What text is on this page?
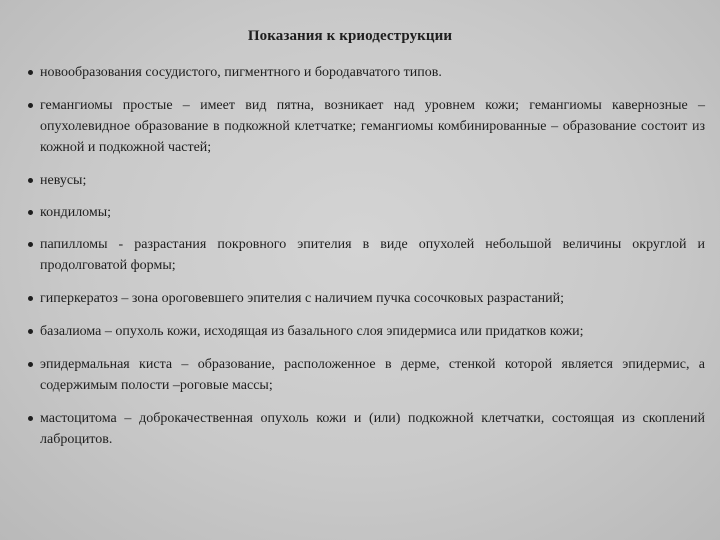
Показания к криодеструкции
новообразования сосудистого, пигментного и бородавчатого типов.
гемангиомы простые – имеет вид пятна, возникает над уровнем кожи; гемангиомы кавернозные – опухолевидное образование в подкожной клетчатке; гемангиомы комбинированные – образование состоит из кожной и подкожной частей;
невусы;
кондиломы;
папилломы - разрастания покровного эпителия в виде опухолей небольшой величины округлой и продолговатой формы;
гиперкератоз – зона ороговевшего эпителия с наличием пучка сосочковых разрастаний;
базалиома – опухоль кожи, исходящая из базального слоя эпидермиса или придатков кожи;
эпидермальная киста – образование, расположенное в дерме, стенкой которой является эпидермис, а содержимым полости –роговые массы;
мастоцитома – доброкачественная опухоль кожи и (или) подкожной клетчатки, состоящая из скоплений лаброцитов.
